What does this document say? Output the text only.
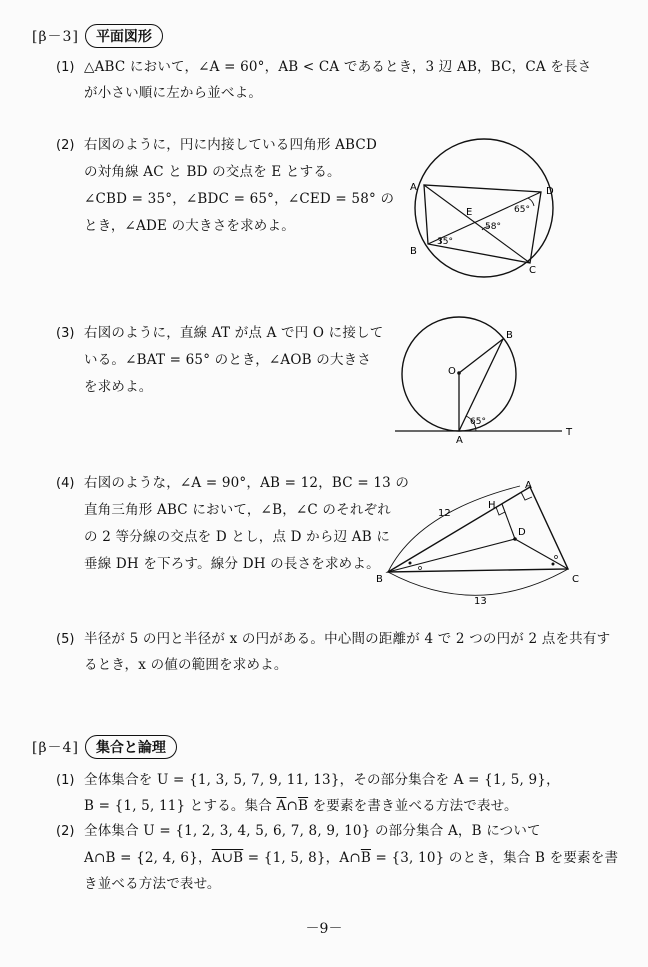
[β－3]	平面図形
(1) △ABC において，∠A = 60°，AB < CA であるとき，3 辺 AB，BC，CA を長さ
が小さい順に左から並べよ。
(2) 右図のように，円に内接している四角形 ABCD
の対角線 AC と BD の交点を E とする。
∠CBD = 35°，∠BDC = 65°，∠CED = 58° の
とき，∠ADE の大きさを求めよ。
A
B
C
D
E	65°
58°
35°
(3) 右図のように，直線 AT が点 A で円 O に接して
いる。∠BAT = 65° のとき，∠AOB の大きさ
を求めよ。
O
B
A
T
65°
(4) 右図のような，∠A = 90°，AB = 12，BC = 13 の
直角三角形 ABC において，∠B，∠C のそれぞれ
の 2 等分線の交点を D とし，点 D から辺 AB に
垂線 DH を下ろす。線分 DH の長さを求めよ。
B	C
A
H
D
12
13
(5) 半径が 5 の円と半径が x の円がある。中心間の距離が 4 で 2 つの円が 2 点を共有す
るとき，x の値の範囲を求めよ。
[β－4]	集合と論理
(1) 全体集合を U = {1, 3, 5, 7, 9, 11, 13}，その部分集合を A = {1, 5, 9}，
B = {1, 5, 11} とする。集合 $\overline{A}\cap\overline{B}$ を要素を書き並べる方法で表せ。
(2) 全体集合 U = {1, 2, 3, 4, 5, 6, 7, 8, 9, 10} の部分集合 A，B について
A∩B = {2, 4, 6}，A∪B = {1, 5, 8}，$A\cap\overline{B} = \{3$, 10} のとき，集合 B を要素を書
き並べる方法で表せ。
－9－
